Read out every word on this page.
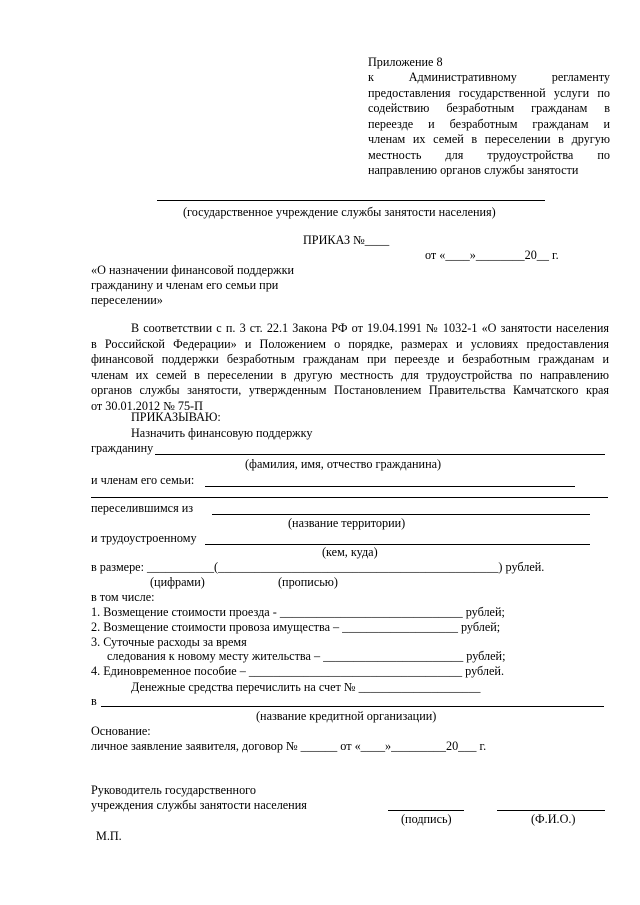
Приложение 8
к Административному регламенту
предоставления государственной услуги по
содействию безработным гражданам в
переезде и безработным гражданам и
членам их семей в переселении в другую
местность для трудоустройства по
направлению органов службы занятости
(государственное учреждение службы занятости населения)
ПРИКАЗ №____
от «____»________20__ г.
«О назначении финансовой поддержки
гражданину и членам его семьи при
переселении»
В соответствии с п. 3 ст. 22.1 Закона РФ от 19.04.1991 № 1032-1 «О занятости населения
в Российской Федерации» и Положением о порядке, размерах и условиях предоставления
финансовой поддержки безработным гражданам при переезде и безработным гражданам и
членам их семей в переселении в другую местность для трудоустройства по направлению
органов службы занятости, утвержденным Постановлением Правительства Камчатского края
от 30.01.2012 № 75-П
ПРИКАЗЫВАЮ:
Назначить финансовую поддержку
гражданину
(фамилия, имя, отчество гражданина)
и членам его семьи:
переселившимся из
(название территории)
и трудоустроенному
(кем, куда)
в размере: ___________(______________________________________________) рублей.
(цифрами)	(прописью)
в том числе:
1. Возмещение стоимости проезда - ______________________________ рублей;
2. Возмещение стоимости провоза имущества – ___________________ рублей;
3. Суточные расходы за время
следования к новому месту жительства – _______________________ рублей;
4. Единовременное пособие – ___________________________________ рублей.
Денежные средства перечислить на счет № ____________________
в
(название кредитной организации)
Основание:
личное заявление заявителя, договор № ______ от «____»_________20___ г.
Руководитель государственного
учреждения службы занятости населения
(подпись)	(Ф.И.О.)
М.П.
